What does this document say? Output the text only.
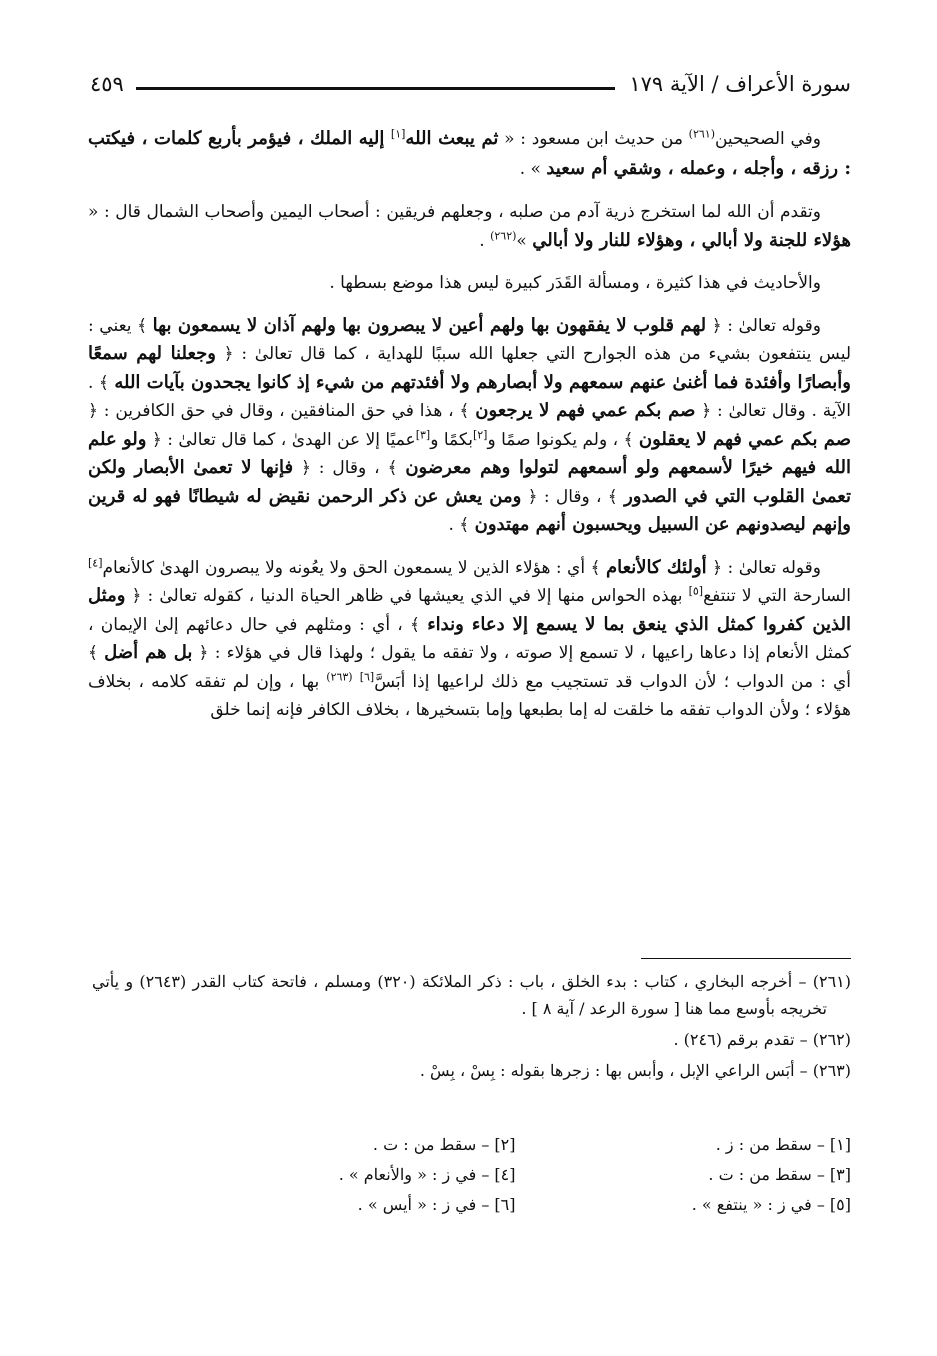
سورة الأعراف / الآية ١٧٩
٤٥٩

وفي الصحيحين$^{(٢٦١)}$ من حديث ابن مسعود : « ثم يبعث الله[١] إليه الملك ، فيؤمر بأربع كلمات ، فيكتب : رزقه ، وأجله ، وعمله ، وشقي أم سعيد » .

وتقدم أن الله لما استخرج ذرية آدم من صلبه ، وجعلهم فريقين : أصحاب اليمين وأصحاب الشمال قال : « هؤلاء للجنة ولا أبالي ، وهؤلاء للنار ولا أبالي »$^{(٢٦٢)}$ .

والأحاديث في هذا كثيرة ، ومسألة القَدَر كبيرة ليس هذا موضع بسطها .

وقوله تعالىٰ : ﴿ لهم قلوب لا يفقهون بها ولهم أعين لا يبصرون بها ولهم آذان لا يسمعون بها ﴾ يعني : ليس ينتفعون بشيء من هذه الجوارح التي جعلها الله سببًا للهداية ، كما قال تعالىٰ : ﴿ وجعلنا لهم سمعًا وأبصارًا وأفئدة فما أغنىٰ عنهم سمعهم ولا أبصارهم ولا أفئدتهم من شيء إذ كانوا يجحدون بآيات الله ﴾ . الآية . وقال تعالىٰ : ﴿ صم بكم عمي فهم لا يرجعون ﴾ ، هذا في حق المنافقين ، وقال في حق الكافرين : ﴿ صم بكم عمي فهم لا يعقلون ﴾ ، ولم يكونوا صمًا و[٢]بكمًا و[٣]عميًا إلا عن الهدىٰ ، كما قال تعالىٰ : ﴿ ولو علم الله فيهم خيرًا لأسمعهم ولو أسمعهم لتولوا وهم معرضون ﴾ ، وقال : ﴿ فإنها لا تعمىٰ الأبصار ولكن تعمىٰ القلوب التي في الصدور ﴾ ، وقال : ﴿ ومن يعش عن ذكر الرحمن نقيض له شيطانًا فهو له قرين وإنهم ليصدونهم عن السبيل ويحسبون أنهم مهتدون ﴾ .

وقوله تعالىٰ : ﴿ أولئك كالأنعام ﴾ أي : هؤلاء الذين لا يسمعون الحق ولا يعُونه ولا يبصرون الهدىٰ كالأنعام[٤] السارحة التي لا تنتفع[٥] بهذه الحواس منها إلا في الذي يعيشها في ظاهر الحياة الدنيا ، كقوله تعالىٰ : ﴿ ومثل الذين كفروا كمثل الذي ينعق بما لا يسمع إلا دعاء ونداء ﴾ ، أي : ومثلهم في حال دعائهم إلىٰ الإيمان ، كمثل الأنعام إذا دعاها راعيها ، لا تسمع إلا صوته ، ولا تفقه ما يقول ؛ ولهذا قال في هؤلاء : ﴿ بل هم أضل ﴾ أي : من الدواب ؛ لأن الدواب قد تستجيب مع ذلك لراعيها إذا أبَسَّ[٦] $^{(٢٦٣)}$ بها ، وإن لم تفقه كلامه ، بخلاف هؤلاء ؛ ولأن الدواب تفقه ما خلقت له إما بطبعها وإما بتسخيرها ، بخلاف الكافر فإنه إنما خلق

(٢٦١) – أخرجه البخاري ، كتاب : بدء الخلق ، باب : ذكر الملائكة (٣٢٠) ومسلم ، فاتحة كتاب القدر (٢٦٤٣) و يأتي تخريجه بأوسع مما هنا [ سورة الرعد / آية ٨ ] .

(٢٦٢) – تقدم برقم (٢٤٦) .

(٢٦٣) – أبَس الراعي الإبل ، وأبس بها : زجرها بقوله : بِسْ ، بِسْ .

[١] – سقط من : ز .
[٢] – سقط من : ت .
[٣] – سقط من : ت .
[٤] – في ز : « والأنعام » .
[٥] – في ز : « ينتفع » .
[٦] – في ز : « أيس » .
